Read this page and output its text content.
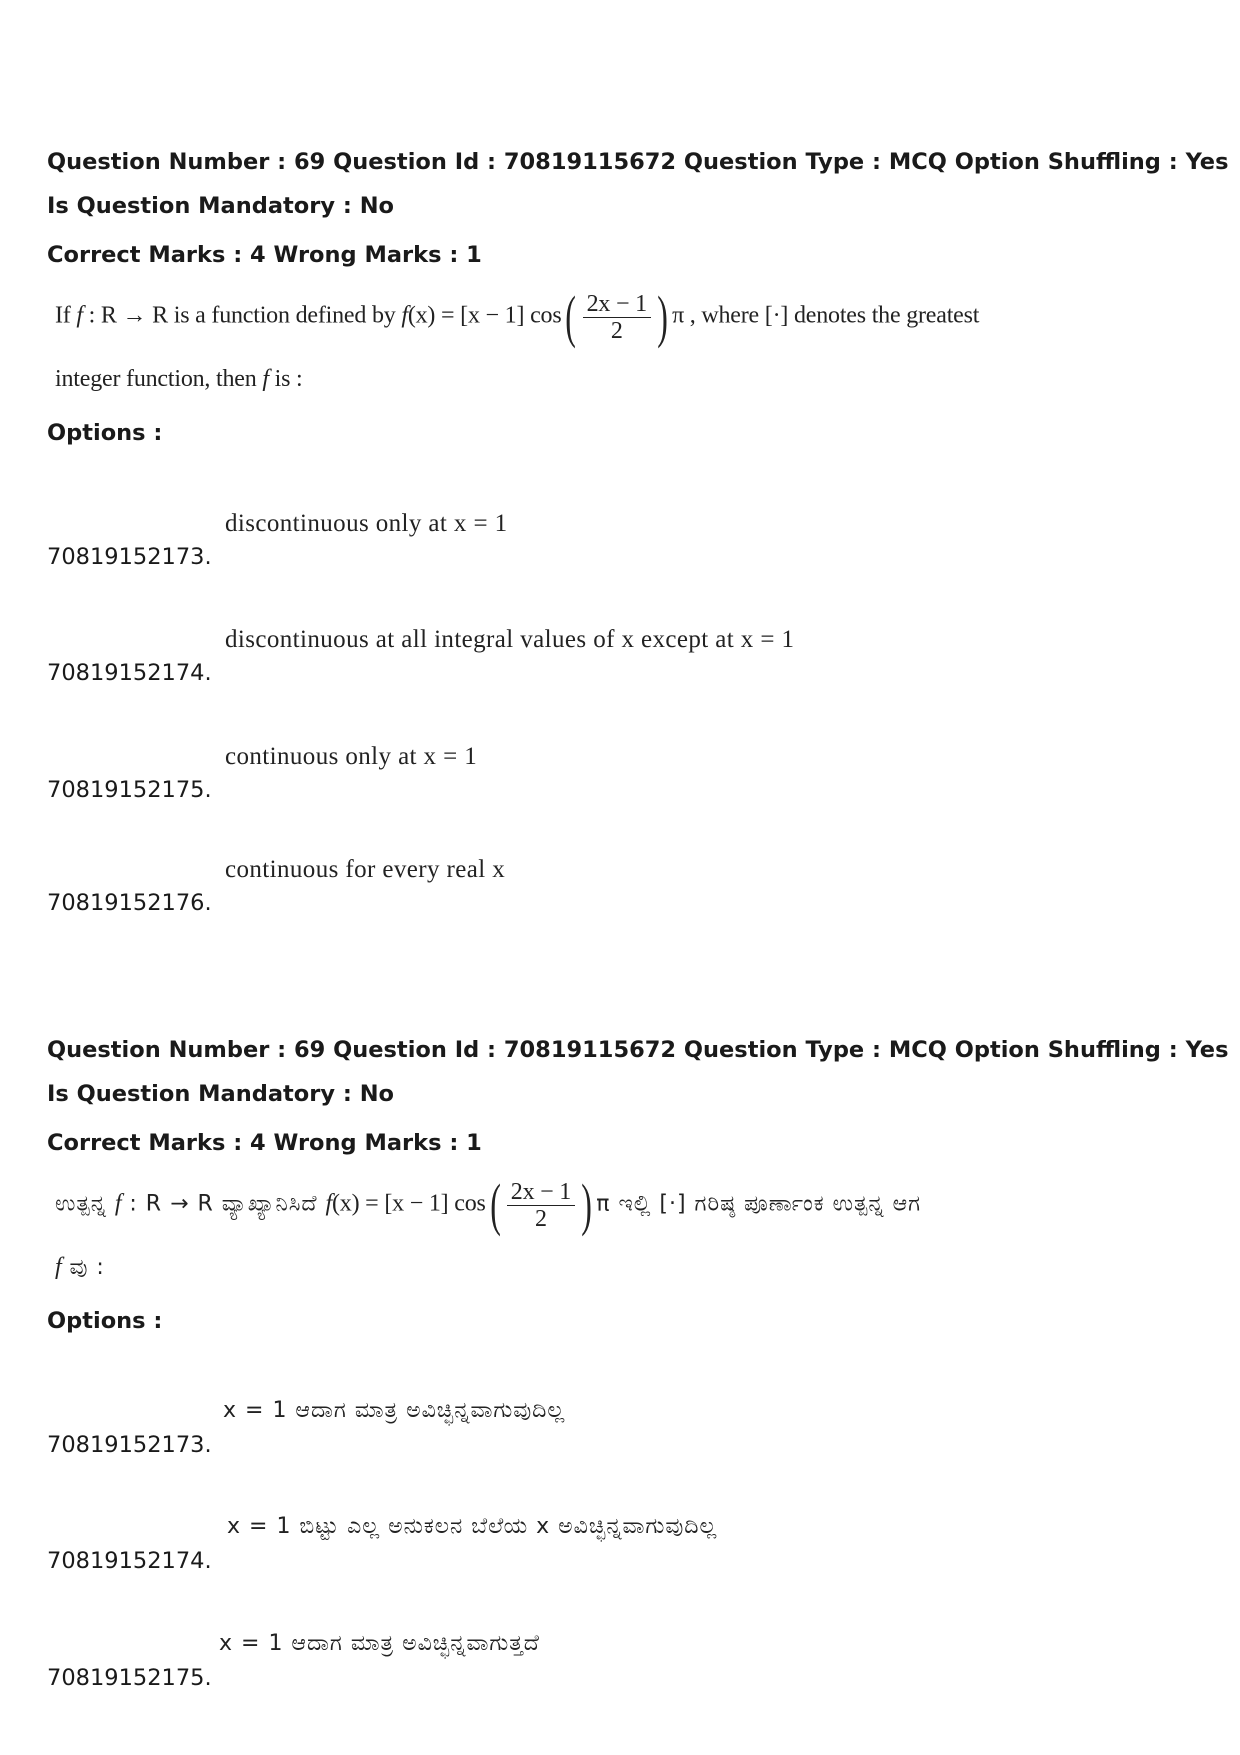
Question Number : 69 Question Id : 70819115672 Question Type : MCQ Option Shuffling : Yes
Is Question Mandatory : No
Correct Marks : 4 Wrong Marks : 1
If f : R → R is a function defined by f(x) = [x − 1] $\cos( \frac{2x - 1}{2}$ ) π , where [·] denotes the greatest
integer function, then f is :
Options :
70819152173.
discontinuous only at x = 1
70819152174.
discontinuous at all integral values of x except at x = 1
70819152175.
continuous only at x = 1
70819152176.
continuous for every real x
Question Number : 69 Question Id : 70819115672 Question Type : MCQ Option Shuffling : Yes
Is Question Mandatory : No
Correct Marks : 4 Wrong Marks : 1
ಉತ್ಪನ್ನ f : R → R ವ್ಯಾಖ್ಯಾನಿಸಿದೆ f(x) = [x − 1] $\cos( \frac{2x - 1}{2}$ ) π ಇಲ್ಲಿ [·] ಗರಿಷ್ಠ ಪೂರ್ಣಾಂಕ ಉತ್ಪನ್ನ ಆಗ
f ವು :
Options :
70819152173.
x = 1 ಆದಾಗ ಮಾತ್ರ ಅವಿಚ್ಛಿನ್ನವಾಗುವುದಿಲ್ಲ
70819152174.
x = 1 ಬಿಟ್ಟು ಎಲ್ಲ ಅನುಕಲನ ಬೆಲೆಯ x ಅವಿಚ್ಛಿನ್ನವಾಗುವುದಿಲ್ಲ
70819152175.
x = 1 ಆದಾಗ ಮಾತ್ರ ಅವಿಚ್ಛಿನ್ನವಾಗುತ್ತದೆ
